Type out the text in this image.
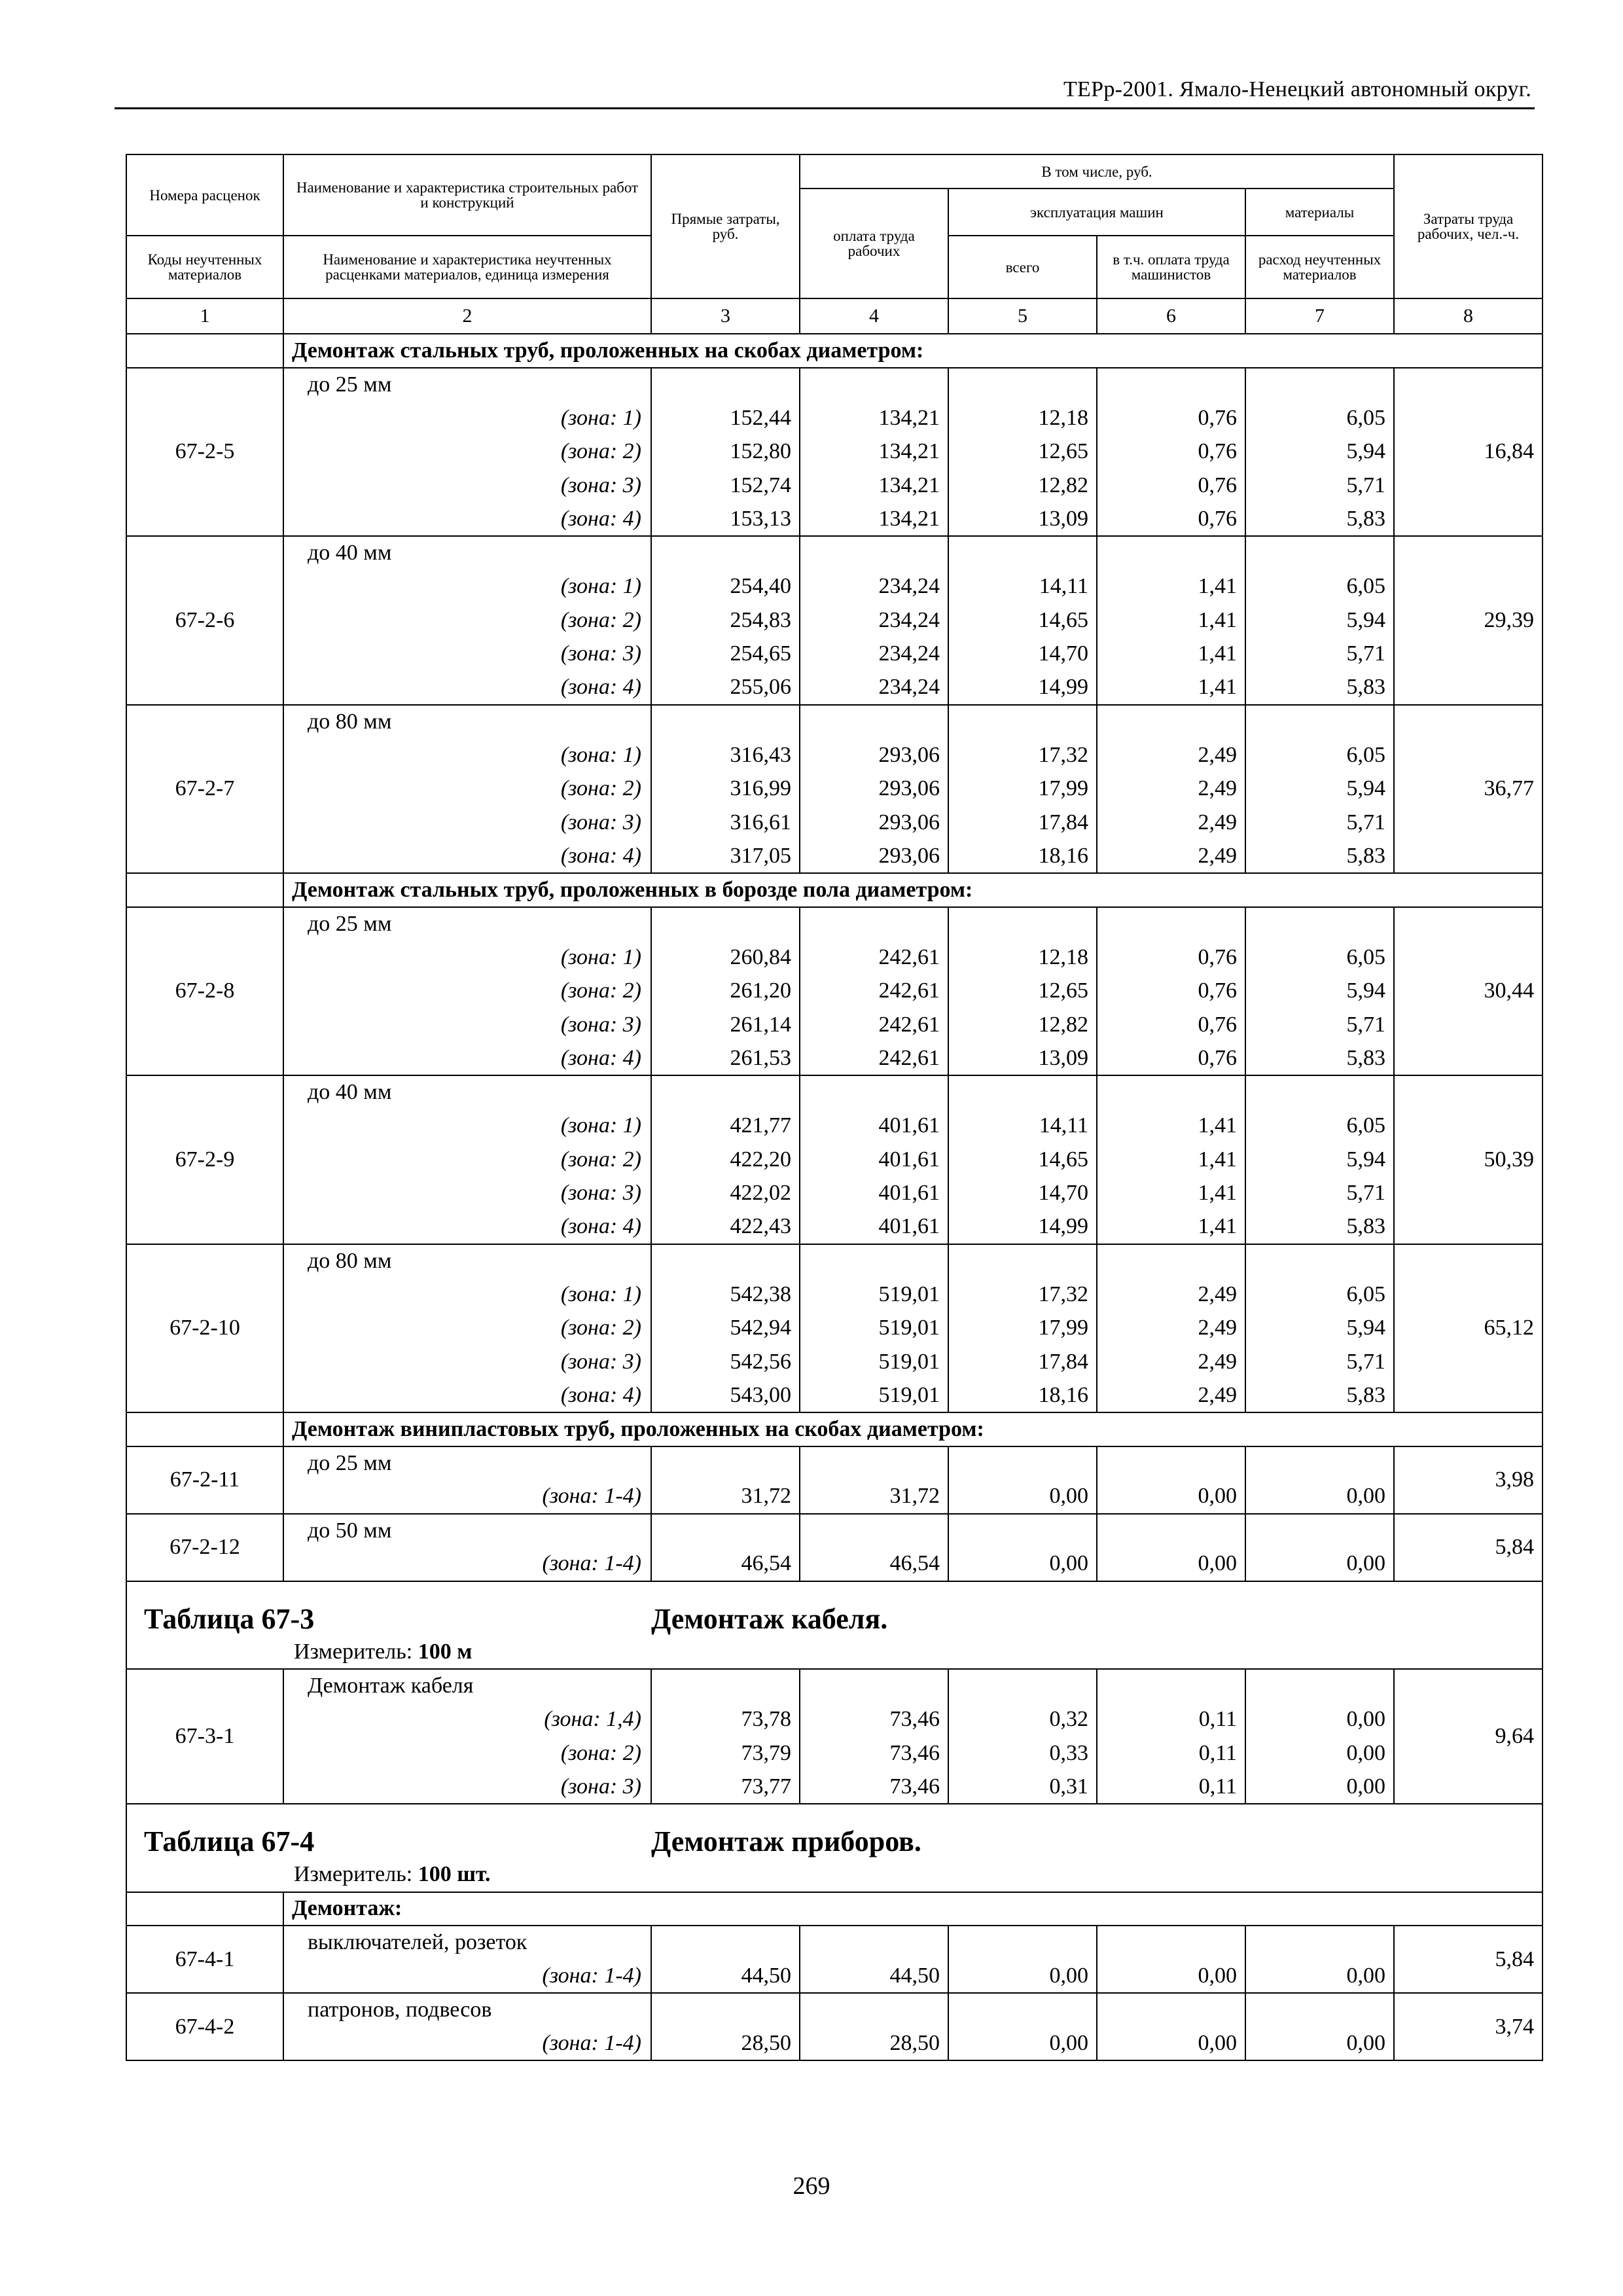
ТЕРр-2001. Ямало-Ненецкий автономный округ.
Номера расценок	Наименование и характеристика строительных работ и конструкций	Прямые затраты, руб.	В том числе, руб.				Затраты труда рабочих, чел.-ч.
			оплата труда рабочих	эксплуатация машин		материалы	
Коды неучтенных материалов	Наименование и характеристика неучтенных расценками материалов, единица измерения			всего	в т.ч. оплата труда машинистов	расход неучтенных материалов	
1	2	3	4	5	6	7	8
	Демонтаж стальных труб, проложенных на скобах диаметром:						
67-2-5	до 25 мм						16,84
	(зона: 1)	152,44	134,21	12,18	0,76	6,05	
	(зона: 2)	152,80	134,21	12,65	0,76	5,94	
	(зона: 3)	152,74	134,21	12,82	0,76	5,71	
	(зона: 4)	153,13	134,21	13,09	0,76	5,83	
67-2-6	до 40 мм						29,39
	(зона: 1)	254,40	234,24	14,11	1,41	6,05	
	(зона: 2)	254,83	234,24	14,65	1,41	5,94	
	(зона: 3)	254,65	234,24	14,70	1,41	5,71	
	(зона: 4)	255,06	234,24	14,99	1,41	5,83	
67-2-7	до 80 мм						36,77
	(зона: 1)	316,43	293,06	17,32	2,49	6,05	
	(зона: 2)	316,99	293,06	17,99	2,49	5,94	
	(зона: 3)	316,61	293,06	17,84	2,49	5,71	
	(зона: 4)	317,05	293,06	18,16	2,49	5,83	
	Демонтаж стальных труб, проложенных в борозде пола диаметром:						
67-2-8	до 25 мм						30,44
	(зона: 1)	260,84	242,61	12,18	0,76	6,05	
	(зона: 2)	261,20	242,61	12,65	0,76	5,94	
	(зона: 3)	261,14	242,61	12,82	0,76	5,71	
	(зона: 4)	261,53	242,61	13,09	0,76	5,83	
67-2-9	до 40 мм						50,39
	(зона: 1)	421,77	401,61	14,11	1,41	6,05	
	(зона: 2)	422,20	401,61	14,65	1,41	5,94	
	(зона: 3)	422,02	401,61	14,70	1,41	5,71	
	(зона: 4)	422,43	401,61	14,99	1,41	5,83	
67-2-10	до 80 мм						65,12
	(зона: 1)	542,38	519,01	17,32	2,49	6,05	
	(зона: 2)	542,94	519,01	17,99	2,49	5,94	
	(зона: 3)	542,56	519,01	17,84	2,49	5,71	
	(зона: 4)	543,00	519,01	18,16	2,49	5,83	
	Демонтаж винипластовых труб, проложенных на скобах диаметром:						
67-2-11	до 25 мм						3,98
	(зона: 1-4)	31,72	31,72	0,00	0,00	0,00	
67-2-12	до 50 мм						5,84
	(зона: 1-4)	46,54	46,54	0,00	0,00	0,00	
Таблица 67-3		Демонтаж кабеля.					
	Измеритель: 100 м						
67-3-1	Демонтаж кабеля						9,64
	(зона: 1,4)	73,78	73,46	0,32	0,11	0,00	
	(зона: 2)	73,79	73,46	0,33	0,11	0,00	
	(зона: 3)	73,77	73,46	0,31	0,11	0,00	
Таблица 67-4		Демонтаж приборов.					
	Измеритель: 100 шт.						
	Демонтаж:						
67-4-1	выключателей, розеток						5,84
	(зона: 1-4)	44,50	44,50	0,00	0,00	0,00	
67-4-2	патронов, подвесов						3,74
	(зона: 1-4)	28,50	28,50	0,00	0,00	0,00	
269
